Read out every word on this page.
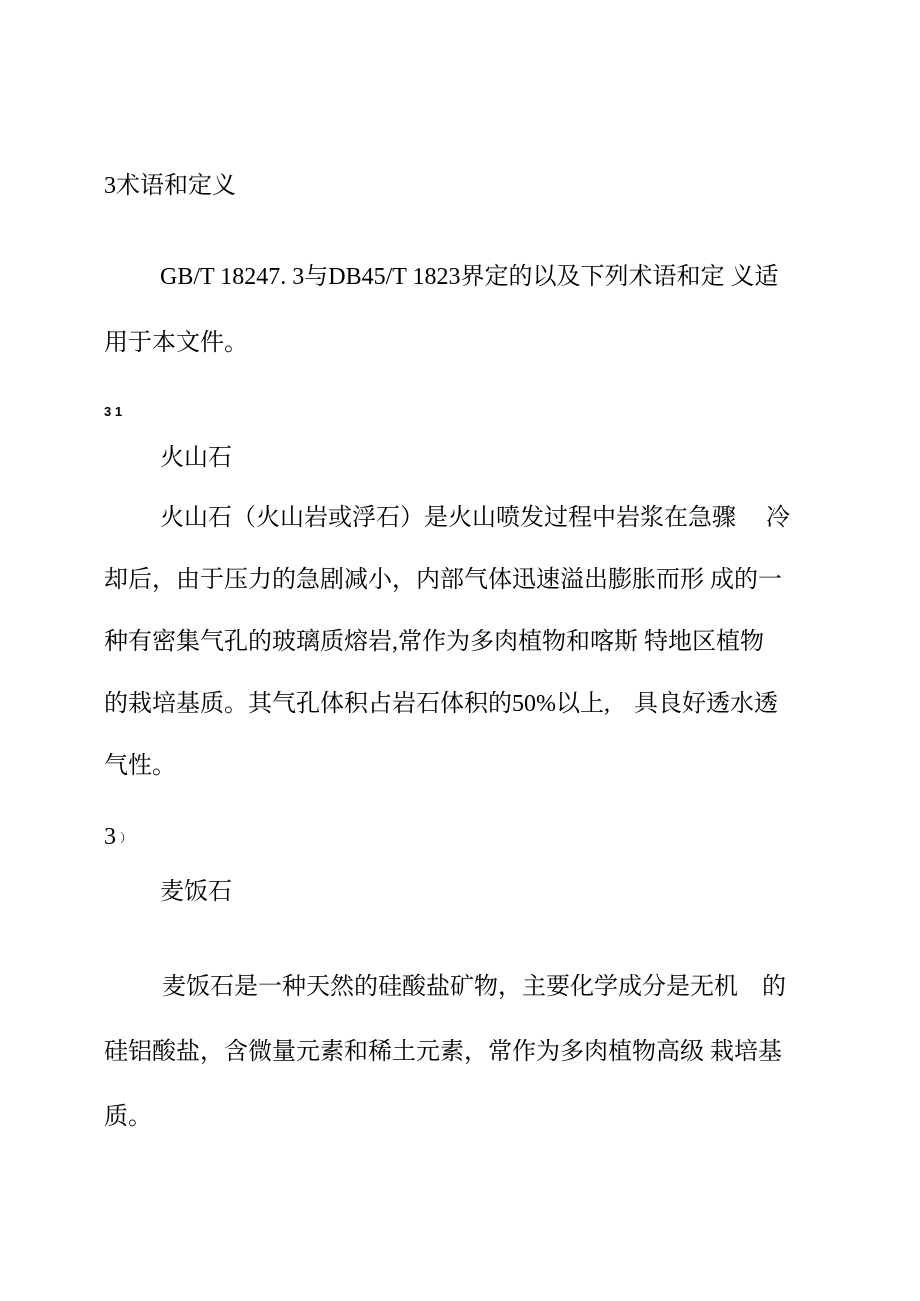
3术语和定义
GB/T 18247. 3与DB45/T 1823界定的以及下列术语和定 义适
用于本文件。
3 1
火山石
火山石（火山岩或浮石）是火山喷发过程中岩浆在急骤　 冷
却后，由于压力的急剧减小，内部气体迅速溢出膨胀而形 成的一
种有密集气孔的玻璃质熔岩,常作为多肉植物和喀斯 特地区植物
的栽培基质。其气孔体积占岩石体积的50%以上,　具良好透水透
气性。
3 ）
麦饭石
麦饭石是一种天然的硅酸盐矿物，主要化学成分是无机　的
硅铝酸盐，含微量元素和稀土元素，常作为多肉植物高级 栽培基
质。
